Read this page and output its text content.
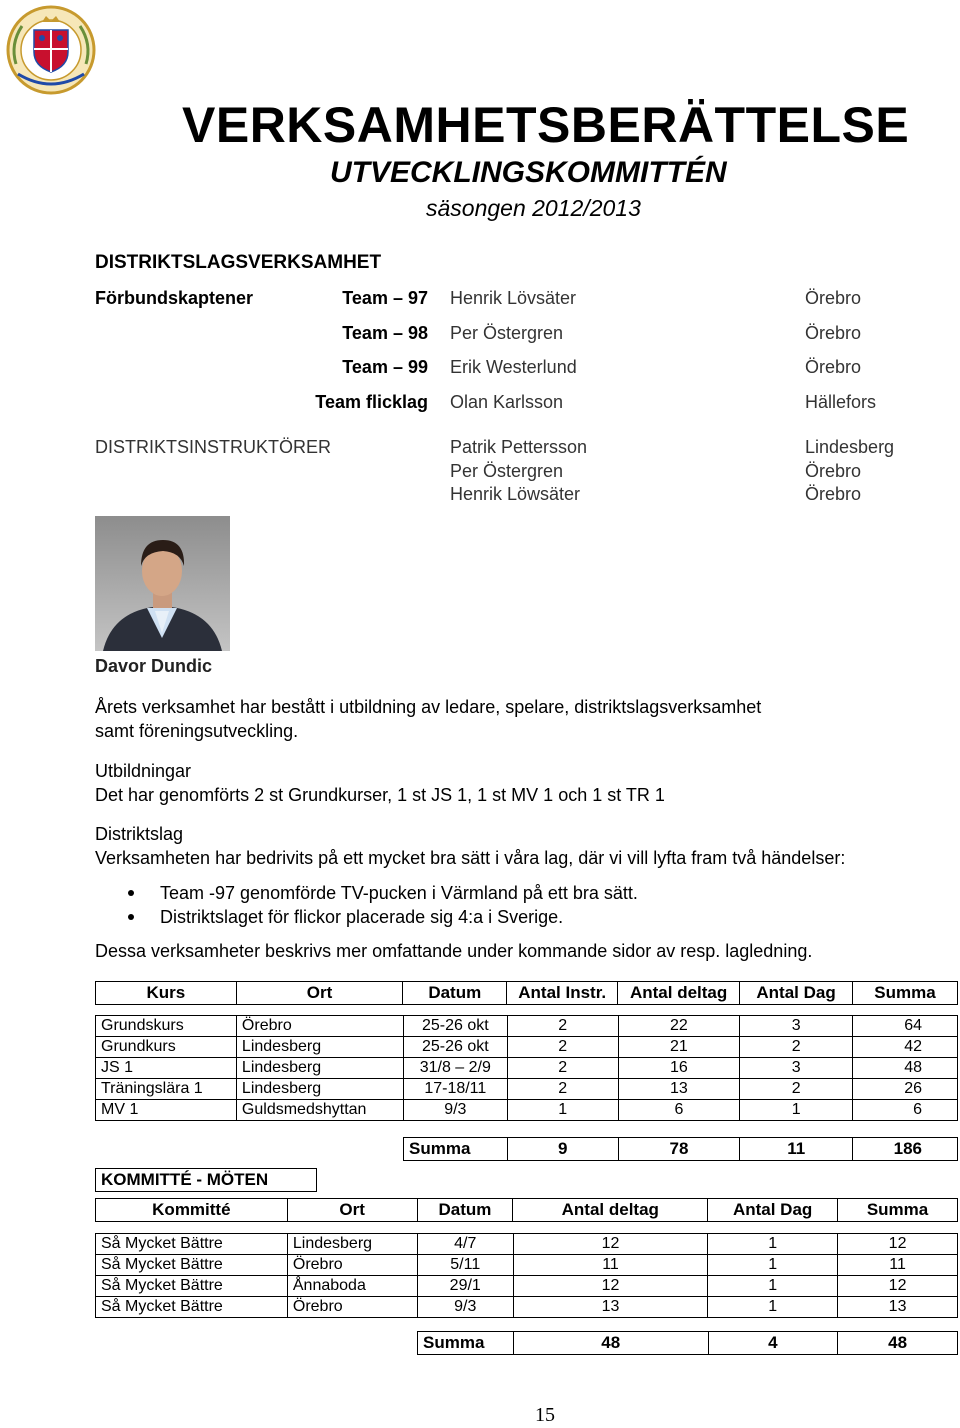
VERKSAMHETSBERÄTTELSE
UTVECKLINGSKOMMITTÉN
säsongen 2012/2013
DISTRIKTSLAGSVERKSAMHET
Förbundskaptener	Team – 97 Henrik Lövsäter	Örebro
Team – 98 Per Östergren	Örebro
Team – 99 Erik Westerlund	Örebro
Team flicklag Olan Karlsson	Hällefors
DISTRIKTSINSTRUKTÖRER	Patrik Pettersson	Lindesberg
Per Östergren	Örebro
Henrik Löwsäter	Örebro
Davor Dundic
Årets verksamhet har bestått i utbildning av ledare, spelare, distriktslagsverksamhet
samt föreningsutveckling.
Utbildningar
Det har genomförts 2 st Grundkurser, 1 st JS 1, 1 st MV 1 och 1 st TR 1
Distriktslag
Verksamheten har bedrivits på ett mycket bra sätt i våra lag, där vi vill lyfta fram två händelser:
Team -97 genomförde TV-pucken i Värmland på ett bra sätt.
Distriktslaget för flickor placerade sig 4:a i Sverige.
Dessa verksamheter beskrivs mer omfattande under kommande sidor av resp. lagledning.
Kurs	Ort	Datum	Antal Instr.	Antal deltag	Antal Dag	Summa
Grundskurs	Örebro	25-26 okt	2	22	3	64
Grundkurs	Lindesberg	25-26 okt	2	21	2	42
JS 1	Lindesberg	31/8 – 2/9	2	16	3	48
Träningslära 1	Lindesberg	17-18/11	2	13	2	26
MV 1	Guldsmedshyttan	9/3	1	6	1	6
Summa	9	78	11	186
KOMMITTÉ - MÖTEN
Kommitté	Ort	Datum	Antal deltag	Antal Dag	Summa
Så Mycket Bättre	Lindesberg	4/7	12	1	12
Så Mycket Bättre	Örebro	5/11	11	1	11
Så Mycket Bättre	Ånnaboda	29/1	12	1	12
Så Mycket Bättre	Örebro	9/3	13	1	13
Summa	48	4	48
15
